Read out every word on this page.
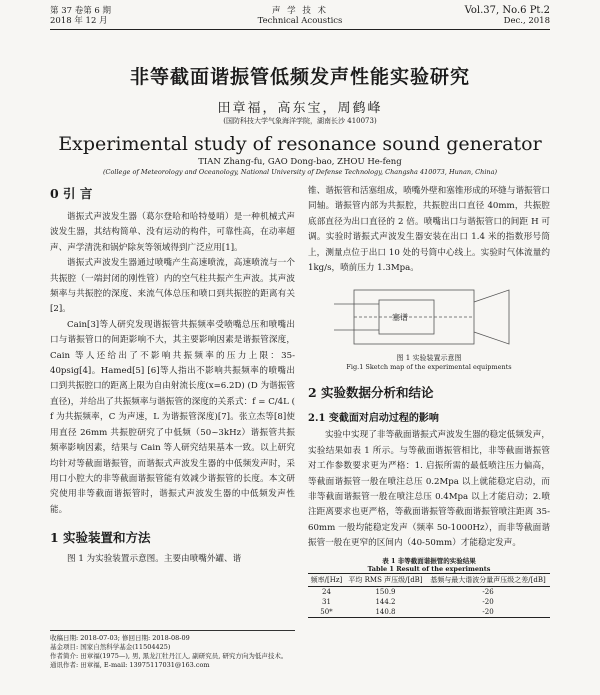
第 37 卷第 6 期
2018 年 12 月
声 学 技 术
Technical Acoustics
Vol.37, No.6 Pt.2
Dec., 2018
非等截面谐振管低频发声性能实验研究
田章福，高东宝，周鹤峰
(国防科技大学气象海洋学院，湖南长沙 410073)
Experimental study of resonance sound generator
TIAN Zhang-fu, GAO Dong-bao, ZHOU He-feng
(College of Meteorology and Oceanology, National University of Defense Technology, Changsha 410073, Hunan, China)
0 引 言
谐振式声波发生器（葛尔登哈和哈特曼哨）是一种机械式声波发生器，其结构简单、没有运动的构件，可靠性高，在动率超声、声学清洗和锅炉除灰等领域得到广泛应用[1]。
谐振式声波发生器通过喷嘴产生高速喷流，高速喷流与一个共振腔（一端封闭的刚性管）内的空气柱共振产生声波。其声波频率与共振腔的深度、来流气体总压和喷口到共振腔的距离有关[2]。
Cain[3]等人研究发现谐振管共振频率受喷嘴总压和喷嘴出口与谐振管口的间距影响不大，其主要影响因素是谐振管深度，Cain 等人还给出了不影响共振频率的压力上限：35-40psig[4]。Hamed[5] [6]等人指出不影响共振频率的喷嘴出口到共振腔口的距离上限为自由射流长度(x=6.2D) (D 为谐振管直径)，并给出了共振频率与谐振管的深度的关系式：f = C/4L ( f 为共振频率，C 为声速，L 为谐振管深度)[7]。张立杰等[8]使用直径 26mm 共振腔研究了中低频（50~3kHz）谐振管共振频率影响因素，结果与 Cain 等人研究结果基本一致。以上研究均针对等截面谐振管，而谐振式声波发生器的中低频发声时，采用口小腔大的非等截面谐振管能有效减少谐振管的长度。本文研究使用非等截面谐振管时，谐振式声波发生器的中低频发声性能。
1 实验装置和方法
图 1 为实验装置示意图。主要由喷嘴外罐、谐
收稿日期: 2018-07-03; 修回日期: 2018-08-09
基金项目: 国家自然科学基金(11504425)
作者简介: 田章福(1975—), 男, 黑龙江牡丹江人, 副研究员, 研究方向为低声技术。
通讯作者: 田章福, E-mail: 13975117031@163.com
锥、谐振管和活塞组成，喷嘴外壁和塞锥形成的环缝与谐振管口同轴。谐振管内部为共振腔，共振腔出口直径 40mm，共振腔底部直径为出口直径的 2 倍。喷嘴出口与谐振管口的间距 H 可调。实验时谐振式声波发生器安装在出口 1.4 米的指数形号筒上，测量点位于出口 10 处的号筒中心线上。实验时气体流量约 1kg/s，喷前压力 1.3Mpa。
塞谱
图 1 实验装置示意图
Fig.1 Sketch map of the experimental equipments
2 实验数据分析和结论
2.1 变截面对启动过程的影响
实验中实现了非等截面谐振式声波发生器的稳定低频发声，实验结果如表 1 所示。与等截面谐振管相比，非等截面谐振管对工作参数要求更为严格：1. 启振所需的最低喷注压力偏高，等截面谐振管一般在喷注总压 0.2Mpa 以上就能稳定启动，而非等截面谐振管一般在喷注总压 0.4Mpa 以上才能启动；2.喷注距离要求也更严格，等截面谐振管等截面谐振管喷注距离 35-60mm 一般均能稳定发声（频率 50-1000Hz），而非等截面谐振管一般在更窄的区间内（40-50mm）才能稳定发声。
表 1 非等截面谐振管的实验结果
Table 1 Result of the experiments
频率/[Hz]	平均 RMS 声压级/[dB]	基频与最大谐波分量声压级之差/[dB]
24	150.9	-26
31	144.2	-20
50*	140.8	-20
